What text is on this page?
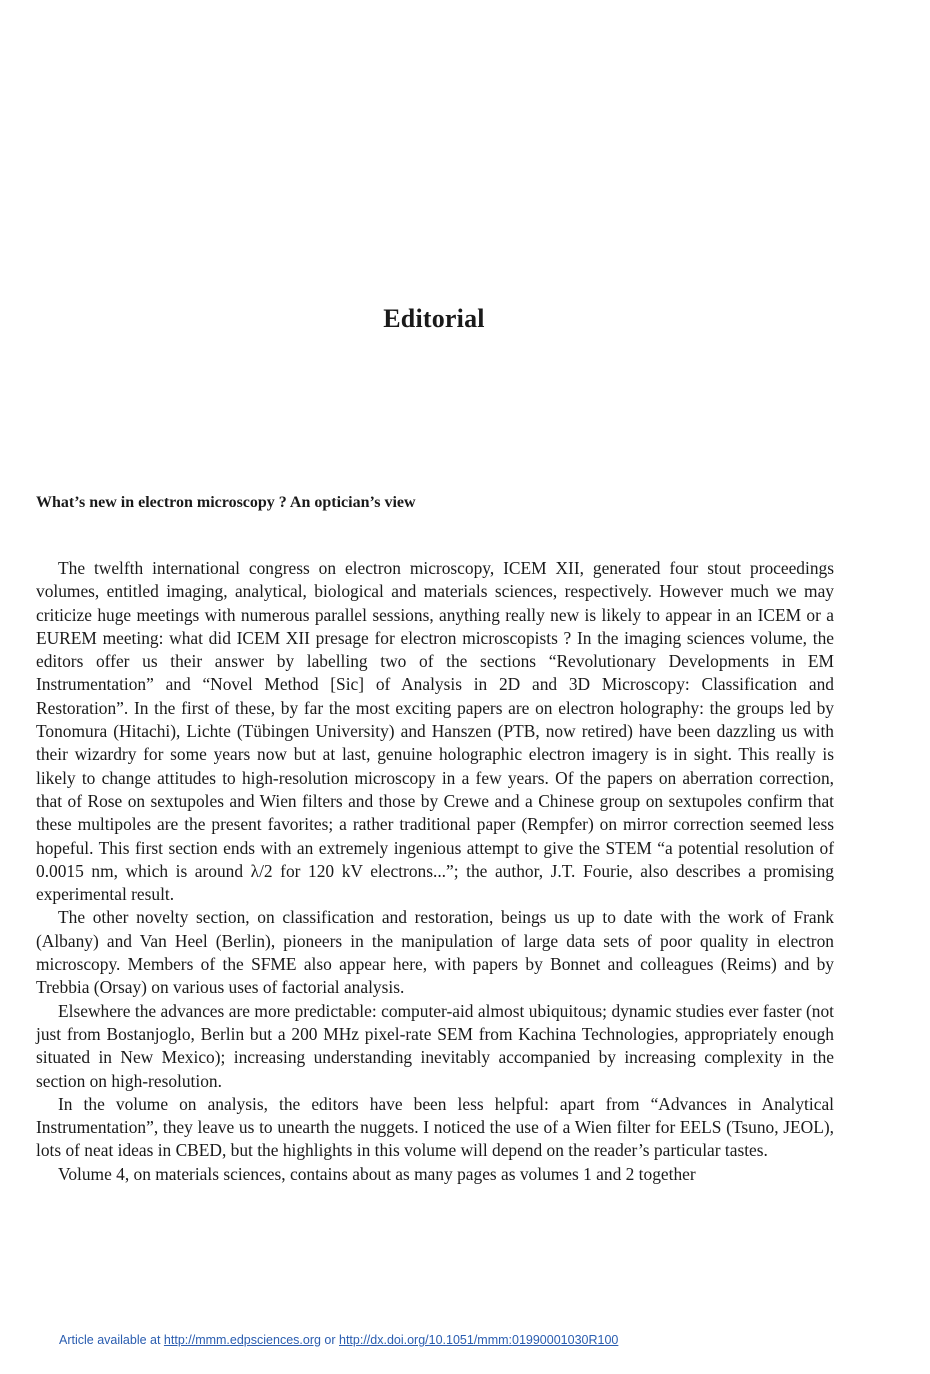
Editorial
What’s new in electron microscopy ? An optician’s view

The twelfth international congress on electron microscopy, ICEM XII, generated four stout proceedings volumes, entitled imaging, analytical, biological and materials sciences, respectively. However much we may criticize huge meetings with numerous parallel sessions, anything really new is likely to appear in an ICEM or a EUREM meeting: what did ICEM XII presage for electron microscopists ? In the imaging sciences volume, the editors offer us their answer by labelling two of the sections “Revolutionary Developments in EM Instrumentation” and “Novel Method [Sic] of Analysis in 2D and 3D Microscopy: Classification and Restoration”. In the first of these, by far the most exciting papers are on electron holography: the groups led by Tonomura (Hitachi), Lichte (Tübingen University) and Hanszen (PTB, now retired) have been dazzling us with their wizardry for some years now but at last, genuine holographic electron imagery is in sight. This really is likely to change attitudes to high-resolution microscopy in a few years. Of the papers on aberration correction, that of Rose on sextupoles and Wien filters and those by Crewe and a Chinese group on sextupoles confirm that these multipoles are the present favorites; a rather traditional paper (Rempfer) on mirror correction seemed less hopeful. This first section ends with an extremely ingenious attempt to give the STEM “a potential resolution of 0.0015 nm, which is around λ/2 for 120 kV electrons...”; the author, J.T. Fourie, also describes a promising experimental result.

The other novelty section, on classification and restoration, beings us up to date with the work of Frank (Albany) and Van Heel (Berlin), pioneers in the manipulation of large data sets of poor quality in electron microscopy. Members of the SFME also appear here, with papers by Bonnet and colleagues (Reims) and by Trebbia (Orsay) on various uses of factorial analysis.

Elsewhere the advances are more predictable: computer-aid almost ubiquitous; dynamic studies ever faster (not just from Bostanjoglo, Berlin but a 200 MHz pixel-rate SEM from Kachina Technologies, appropriately enough situated in New Mexico); increasing understanding inevitably accompanied by increasing complexity in the section on high-resolution.

In the volume on analysis, the editors have been less helpful: apart from “Advances in Analytical Instrumentation”, they leave us to unearth the nuggets. I noticed the use of a Wien filter for EELS (Tsuno, JEOL), lots of neat ideas in CBED, but the highlights in this volume will depend on the reader’s particular tastes.

Volume 4, on materials sciences, contains about as many pages as volumes 1 and 2 together

Article available at http://mmm.edpsciences.org or http://dx.doi.org/10.1051/mmm:01990001030R100
